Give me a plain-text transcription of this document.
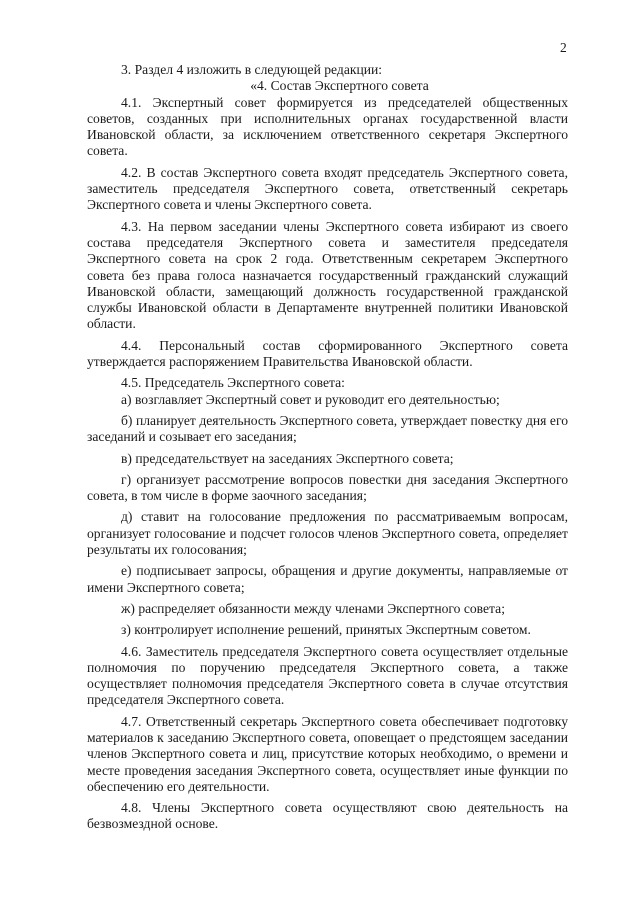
2

3. Раздел 4 изложить в следующей редакции:

«4. Состав Экспертного совета

4.1. Экспертный совет формируется из председателей общественных советов, созданных при исполнительных органах государственной власти Ивановской области, за исключением ответственного секретаря Экспертного совета.

4.2. В состав Экспертного совета входят председатель Экспертного совета, заместитель председателя Экспертного совета, ответственный секретарь Экспертного совета и члены Экспертного совета.

4.3. На первом заседании члены Экспертного совета избирают из своего состава председателя Экспертного совета и заместителя председателя Экспертного совета на срок 2 года. Ответственным секретарем Экспертного совета без права голоса назначается государственный гражданский служащий Ивановской области, замещающий должность государственной гражданской службы Ивановской области в Департаменте внутренней политики Ивановской области.

4.4. Персональный состав сформированного Экспертного совета утверждается распоряжением Правительства Ивановской области.

4.5. Председатель Экспертного совета:

а) возглавляет Экспертный совет и руководит его деятельностью;

б) планирует деятельность Экспертного совета, утверждает повестку дня его заседаний и созывает его заседания;

в) председательствует на заседаниях Экспертного совета;

г) организует рассмотрение вопросов повестки дня заседания Экспертного совета, в том числе в форме заочного заседания;

д) ставит на голосование предложения по рассматриваемым вопросам, организует голосование и подсчет голосов членов Экспертного совета, определяет результаты их голосования;

е) подписывает запросы, обращения и другие документы, направляемые от имени Экспертного совета;

ж) распределяет обязанности между членами Экспертного совета;

з) контролирует исполнение решений, принятых Экспертным советом.

4.6. Заместитель председателя Экспертного совета осуществляет отдельные полномочия по поручению председателя Экспертного совета, а также осуществляет полномочия председателя Экспертного совета в случае отсутствия председателя Экспертного совета.

4.7. Ответственный секретарь Экспертного совета обеспечивает подготовку материалов к заседанию Экспертного совета, оповещает о предстоящем заседании членов Экспертного совета и лиц, присутствие которых необходимо, о времени и месте проведения заседания Экспертного совета, осуществляет иные функции по обеспечению его деятельности.

4.8. Члены Экспертного совета осуществляют свою деятельность на безвозмездной основе.
